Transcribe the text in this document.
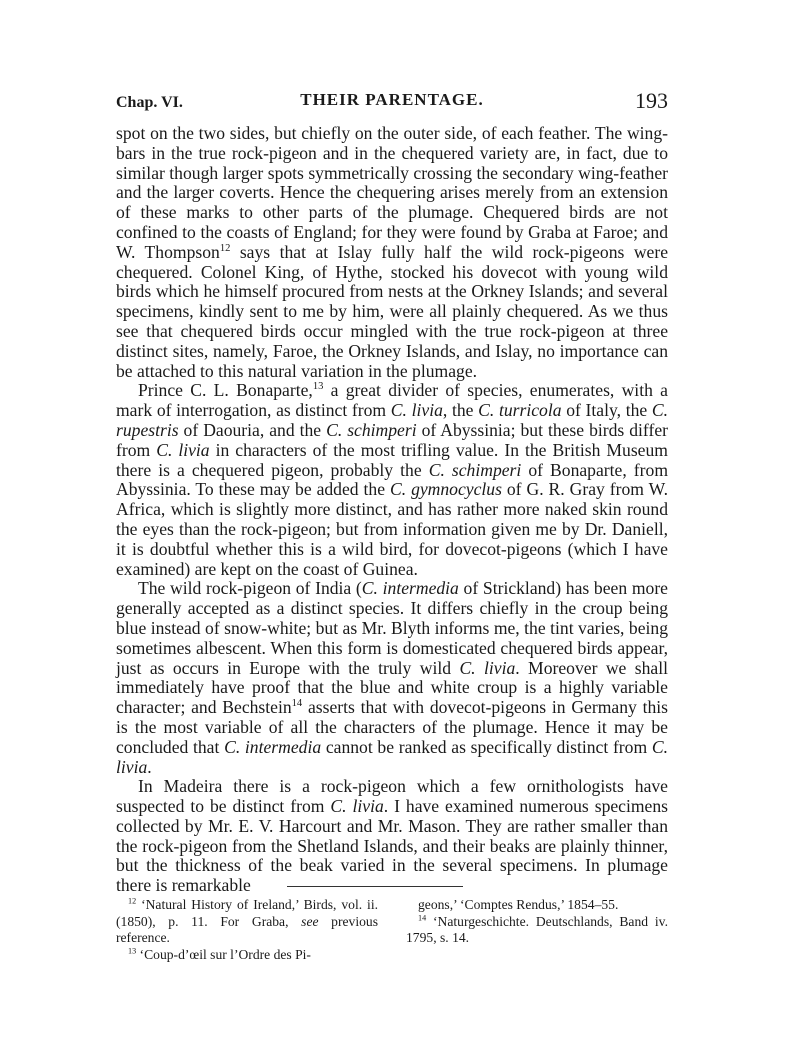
Chap. VI.	THEIR PARENTAGE.	193

spot on the two sides, but chiefly on the outer side, of each feather. The wing-bars in the true rock-pigeon and in the chequered variety are, in fact, due to similar though larger spots symmetrically crossing the secondary wing-feather and the larger coverts. Hence the chequering arises merely from an extension of these marks to other parts of the plumage. Chequered birds are not confined to the coasts of England; for they were found by Graba at Faroe; and W. Thompson$^{12}$ says that at Islay fully half the wild rock-pigeons were chequered. Colonel King, of Hythe, stocked his dovecot with young wild birds which he himself procured from nests at the Orkney Islands; and several specimens, kindly sent to me by him, were all plainly chequered. As we thus see that chequered birds occur mingled with the true rock-pigeon at three distinct sites, namely, Faroe, the Orkney Islands, and Islay, no importance can be attached to this natural variation in the plumage.

Prince C. L. Bonaparte,$^{13}$ a great divider of species, enumerates, with a mark of interrogation, as distinct from C. livia, the C. turricola of Italy, the C. rupestris of Daouria, and the C. schimperi of Abyssinia; but these birds differ from C. livia in characters of the most trifling value. In the British Museum there is a chequered pigeon, probably the C. schimperi of Bonaparte, from Abyssinia. To these may be added the C. gymnocyclus of G. R. Gray from W. Africa, which is slightly more distinct, and has rather more naked skin round the eyes than the rock-pigeon; but from information given me by Dr. Daniell, it is doubtful whether this is a wild bird, for dovecot-pigeons (which I have examined) are kept on the coast of Guinea.

The wild rock-pigeon of India (C. intermedia of Strickland) has been more generally accepted as a distinct species. It differs chiefly in the croup being blue instead of snow-white; but as Mr. Blyth informs me, the tint varies, being sometimes albescent. When this form is domesticated chequered birds appear, just as occurs in Europe with the truly wild C. livia. Moreover we shall immediately have proof that the blue and white croup is a highly variable character; and Bechstein$^{14}$ asserts that with dovecot-pigeons in Germany this is the most variable of all the characters of the plumage. Hence it may be concluded that C. intermedia cannot be ranked as specifically distinct from C. livia.

In Madeira there is a rock-pigeon which a few ornithologists have suspected to be distinct from C. livia. I have examined numerous specimens collected by Mr. E. V. Harcourt and Mr. Mason. They are rather smaller than the rock-pigeon from the Shetland Islands, and their beaks are plainly thinner, but the thickness of the beak varied in the several specimens. In plumage there is remarkable

$^{12}$ ‘Natural History of Ireland,’ Birds, vol. ii. (1850), p. 11. For Graba, see previous reference.

$^{13}$ ‘Coup-d’œil sur l’Ordre des Pi-

geons,’ ‘Comptes Rendus,’ 1854–55.

$^{14}$ ‘Naturgeschichte. Deutschlands, Band iv. 1795, s. 14.
